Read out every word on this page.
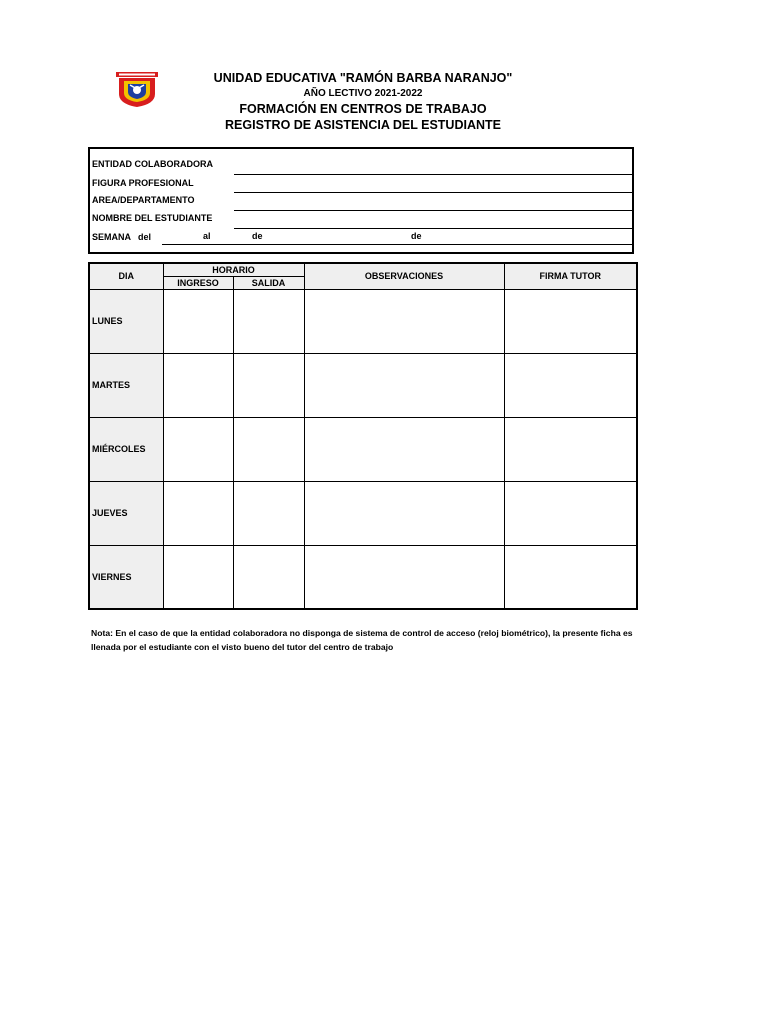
UNIDAD EDUCATIVA "RAMÓN BARBA NARANJO"
AÑO LECTIVO 2021-2022
FORMACIÓN EN CENTROS DE TRABAJO
REGISTRO DE ASISTENCIA DEL ESTUDIANTE
ENTIDAD COLABORADORA
FIGURA PROFESIONAL
AREA/DEPARTAMENTO
NOMBRE DEL ESTUDIANTE
SEMANA del	al	de	de
DIA	HORARIO		OBSERVACIONES	FIRMA TUTOR
	INGRESO	SALIDA		
LUNES				
MARTES				
MIÉRCOLES				
JUEVES				
VIERNES				
Nota: En el caso de que la entidad colaboradora no disponga de sistema de control de acceso (reloj biométrico), la presente ficha es llenada por el estudiante con el visto bueno del tutor del centro de trabajo
